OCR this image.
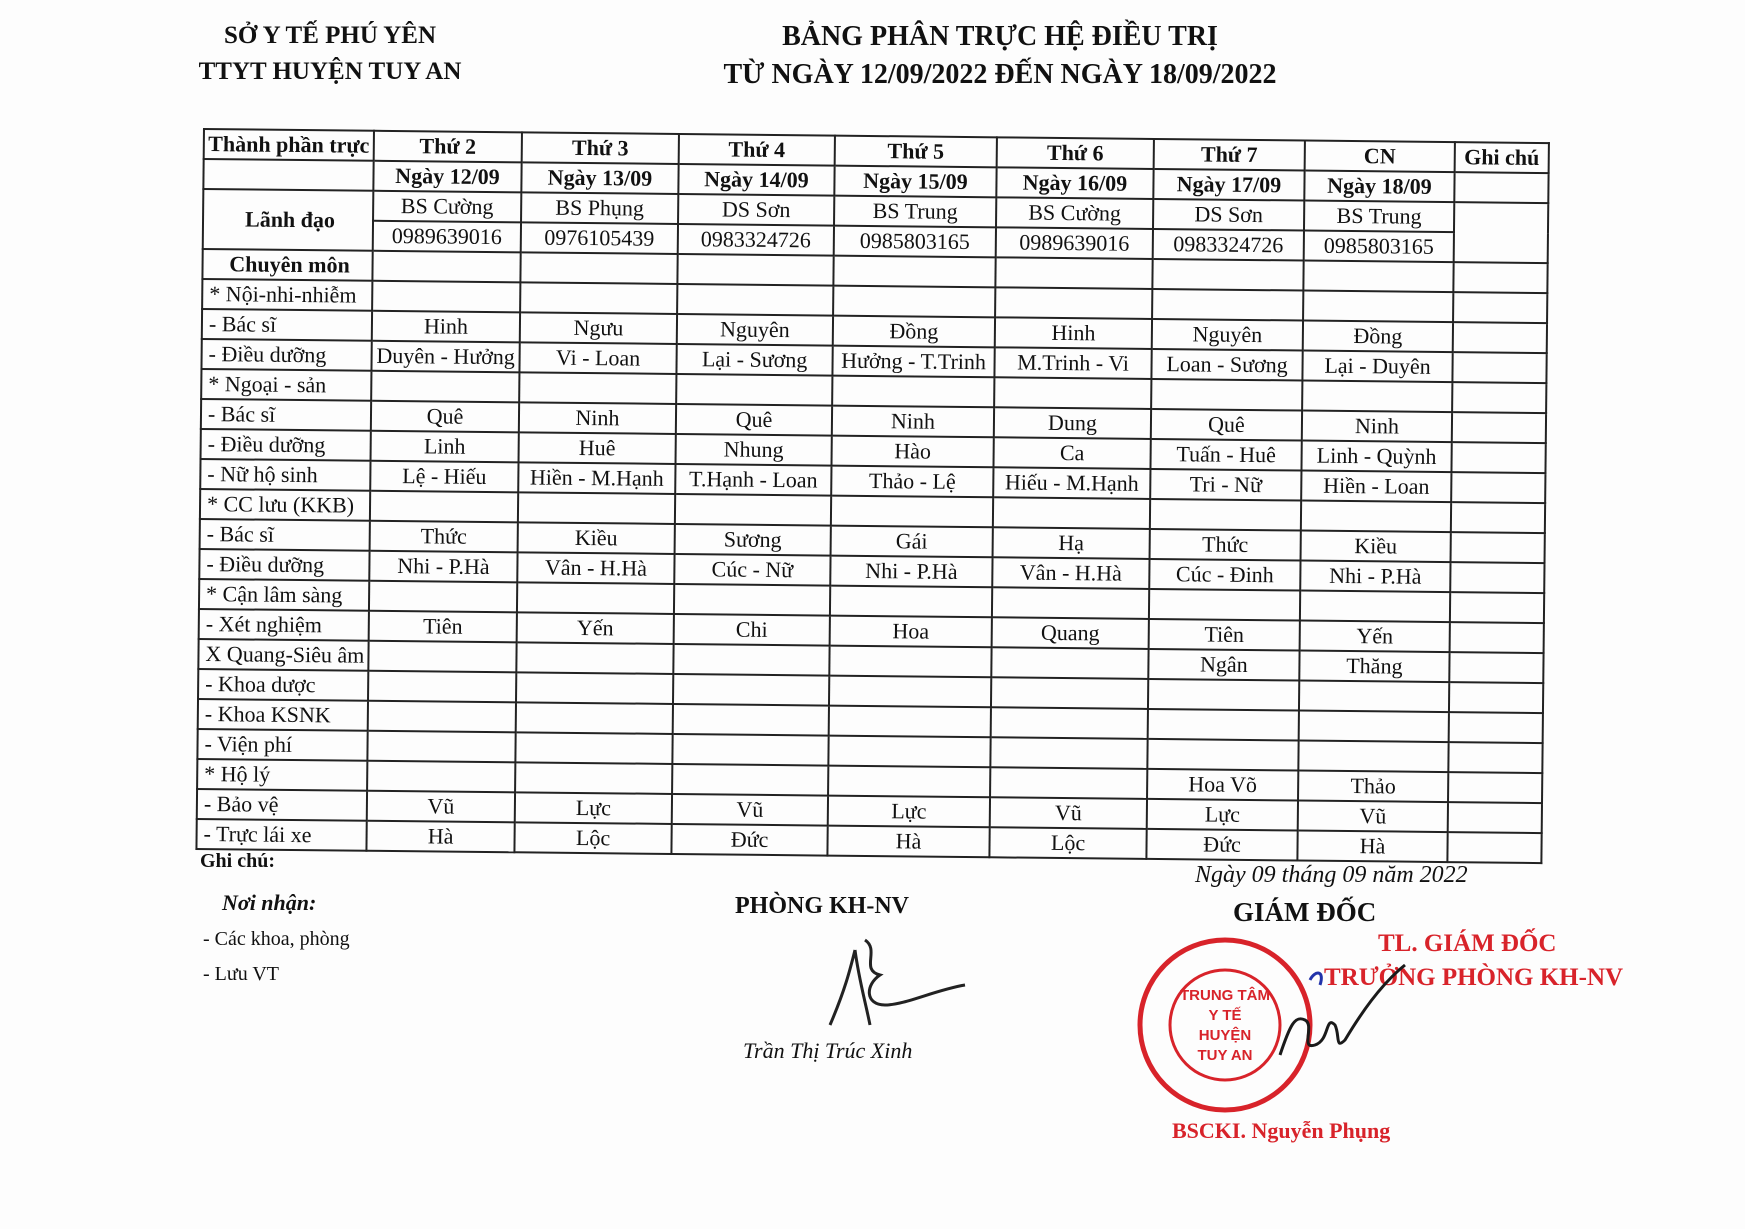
SỞ Y TẾ PHÚ YÊN
TTYT HUYỆN TUY AN
BẢNG PHÂN TRỰC HỆ ĐIỀU TRỊ
TỪ NGÀY 12/09/2022 ĐẾN NGÀY 18/09/2022
Thành phần trực	Thứ 2	Thứ 3	Thứ 4	Thứ 5	Thứ 6	Thứ 7	CN	Ghi chú
	Ngày 12/09	Ngày 13/09	Ngày 14/09	Ngày 15/09	Ngày 16/09	Ngày 17/09	Ngày 18/09	
Lãnh đạo	BS Cường	BS Phụng	DS Sơn	BS Trung	BS Cường	DS Sơn	BS Trung	
	0989639016	0976105439	0983324726	0985803165	0989639016	0983324726	0985803165	
Chuyên môn								
* Nội-nhi-nhiễm								
- Bác sĩ	Hinh	Ngưu	Nguyên	Đồng	Hinh	Nguyên	Đồng	
- Điều dưỡng	Duyên - Hưởng	Vi - Loan	Lại - Sương	Hưởng - T.Trinh	M.Trinh - Vi	Loan - Sương	Lại - Duyên	
* Ngoại - sản								
- Bác sĩ	Quê	Ninh	Quê	Ninh	Dung	Quê	Ninh	
- Điều dưỡng	Linh	Huê	Nhung	Hào	Ca	Tuấn - Huê	Linh - Quỳnh	
- Nữ hộ sinh	Lệ - Hiếu	Hiền - M.Hạnh	T.Hạnh - Loan	Thảo - Lệ	Hiếu - M.Hạnh	Tri - Nữ	Hiền - Loan	
* CC lưu (KKB)								
- Bác sĩ	Thức	Kiều	Sương	Gái	Hạ	Thức	Kiều	
- Điều dưỡng	Nhi - P.Hà	Vân - H.Hà	Cúc - Nữ	Nhi - P.Hà	Vân - H.Hà	Cúc - Đinh	Nhi - P.Hà	
* Cận lâm sàng								
- Xét nghiệm	Tiên	Yến	Chi	Hoa	Quang	Tiên	Yến	
X Quang-Siêu âm						Ngân	Thăng	
- Khoa dược								
- Khoa KSNK								
- Viện phí								
* Hộ lý						Hoa Võ	Thảo	
- Bảo vệ	Vũ	Lực	Vũ	Lực	Vũ	Lực	Vũ	
- Trực lái xe	Hà	Lộc	Đức	Hà	Lộc	Đức	Hà	
Ghi chú:
Nơi nhận:
- Các khoa, phòng
- Lưu VT
Ngày 09 tháng 09 năm 2022
PHÒNG KH-NV	GIÁM ĐỐC
Trần Thị Trúc Xinh
TRUNG TÂM
Y TẾ
HUYỆN
TUY AN
TL. GIÁM ĐỐC
TRƯỞNG PHÒNG KH-NV
BSCKI. Nguyễn Phụng
